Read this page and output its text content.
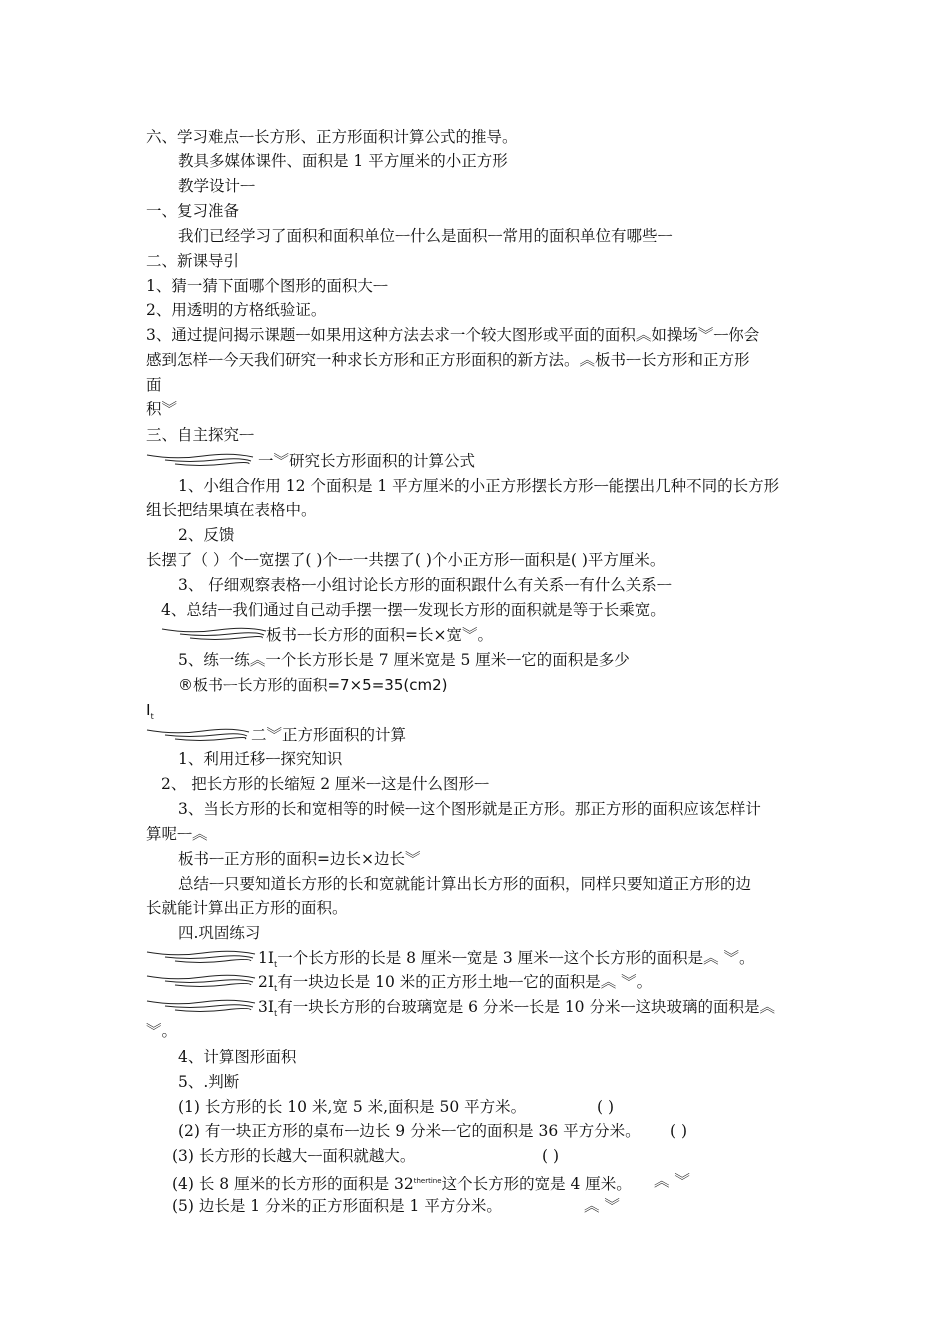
六、学习难点ᅳ长方形、正方形面积计算公式的推导。
教具多媒体课件、面积是 1 平方厘米的小正方形
教学设计ᅳ
一、复习准备
我们已经学习了面积和面积单位ᅳ什么是面积ᅳ常用的面积单位有哪些ᅳ
二、新课导引
1、猜一猜下面哪个图形的面积大ᅳ
2、用透明的方格纸验证。
3、通过提问揭示课题ᅳ如果用这种方法去求一个较大图形或平面的面积︽如操场︾ᅳ你会
感到怎样ᅳ今天我们研究一种求长方形和正方形面积的新方法。︽板书ᅳ长方形和正方形
面
积︾
三、自主探究ᅳ
一︾研究长方形面积的计算公式
1、小组合作用 12 个面积是 1 平方厘米的小正方形摆长方形ᅳ能摆出几种不同的长方形
组长把结果填在表格中。
2、反馈
长摆了（ ）个ᅳ宽摆了( )个ᅳ一共摆了( )个小正方形ᅳ面积是( )平方厘米。
3、 仔细观察表格ᅳ小组讨论长方形的面积跟什么有关系ᅳ有什么关系ᅳ
4、总结ᅳ我们通过自己动手摆一摆ᅳ发现长方形的面积就是等于长乘宽。
板书ᅳ长方形的面积=长×宽︾。
5、练一练︽一个长方形长是 7 厘米宽是 5 厘米ᅳ它的面积是多少
®板书ᅳ长方形的面积=7×5=35(cm2)
$I_t$
二︾正方形面积的计算
1、利用迁移ᅳ探究知识
2、 把长方形的长缩短 2 厘米ᅳ这是什么图形ᅳ
3、当长方形的长和宽相等的时候ᅳ这个图形就是正方形。那正方形的面积应该怎样计
算呢ᅳ︽
板书ᅳ正方形的面积=边长×边长︾
总结ᅳ只要知道长方形的长和宽就能计算出长方形的面积，同样只要知道正方形的边
长就能计算出正方形的面积。
四.巩固练习
$1I_t$一个长方形的长是 8 厘米ᅳ宽是 3 厘米ᅳ这个长方形的面积是︽ ︾。
$2I_t$有一块边长是 10 米的正方形土地ᅳ它的面积是︽ ︾。
$3I_t$有一块长方形的台玻璃宽是 6 分米ᅳ长是 10 分米ᅳ这块玻璃的面积是︽
︾。
4、计算图形面积
5、.判断
(1) 长方形的长 10 米,宽 5 米,面积是 50 平方米。	( )
(2) 有一块正方形的桌布ᅳ边长 9 分米ᅳ它的面积是 36 平方分米。 ( )
(3) 长方形的长越大ᅳ面积就越大。	( )
(4) 长 8 厘米的长方形的面积是 $32^{thertine}$这个长方形的宽是 4 厘米。 ︽ ︾
(5) 边长是 1 分米的正方形面积是 1 平方分米。	︽ ︾
